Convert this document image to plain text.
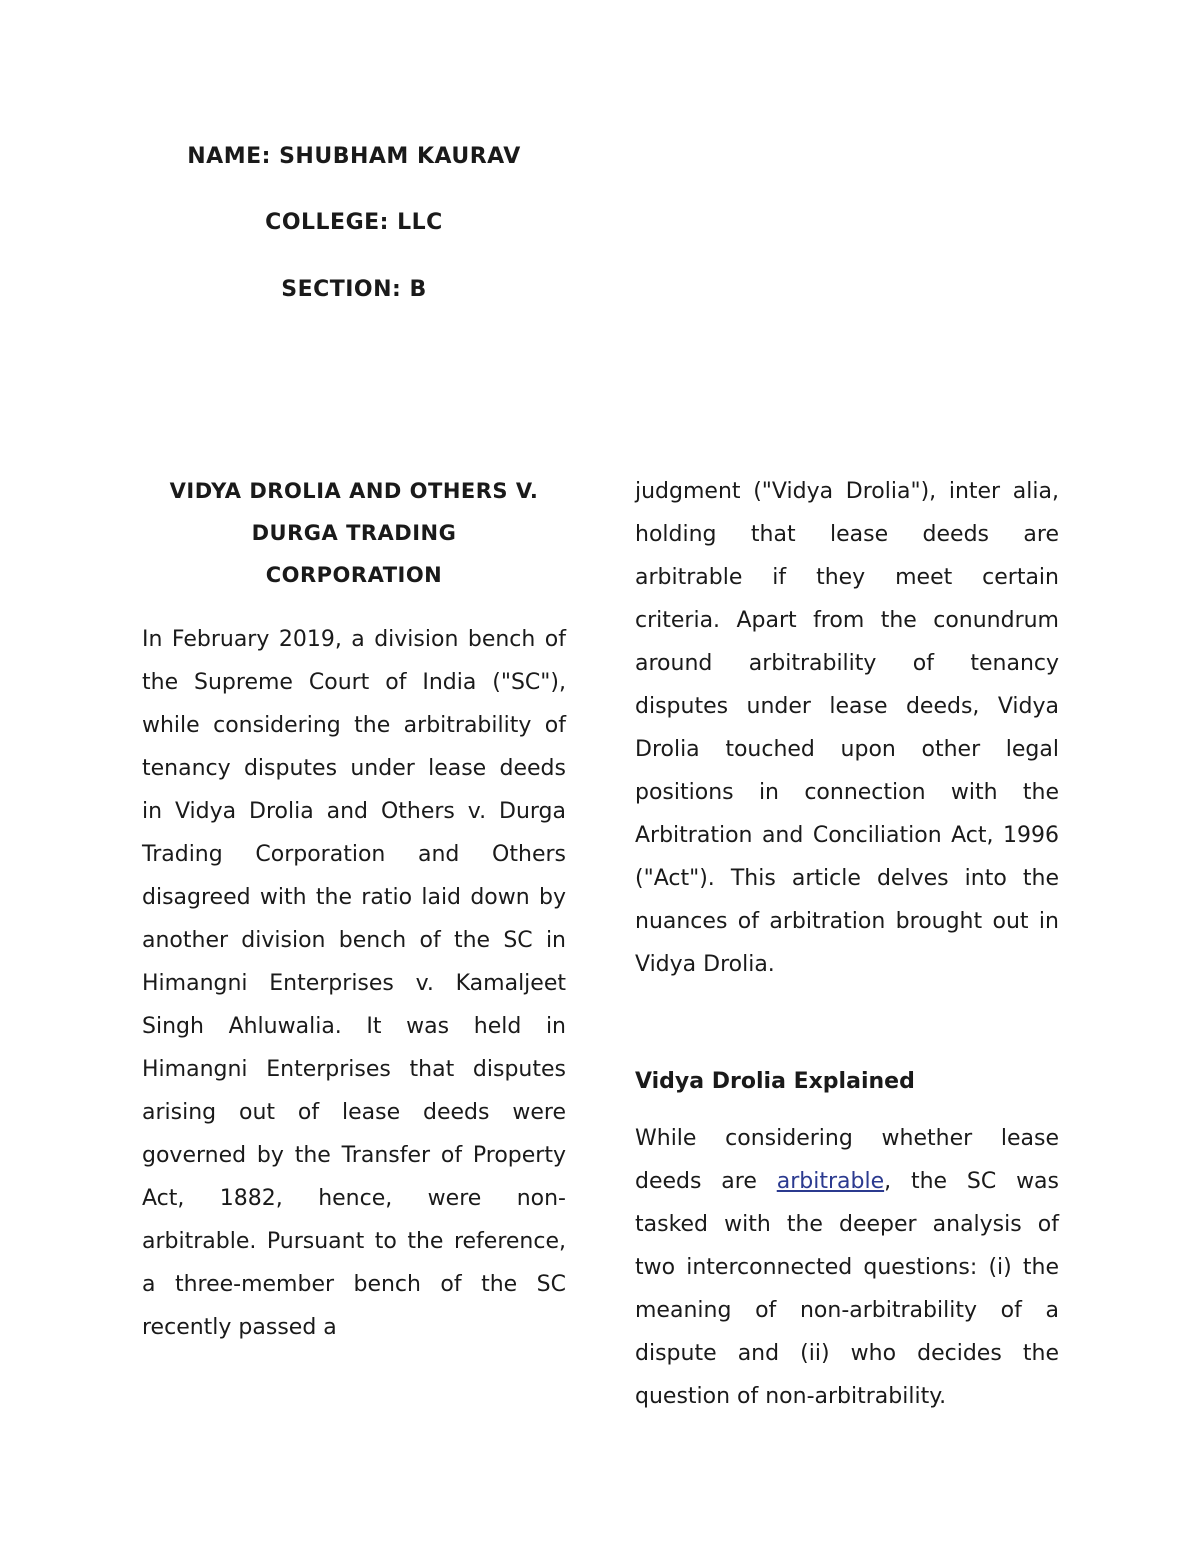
NAME: SHUBHAM KAURAV
COLLEGE: LLC
SECTION: B
VIDYA DROLIA AND OTHERS V.
DURGA TRADING
CORPORATION

In February 2019, a division bench of the Supreme Court of India ("SC"), while considering the arbitrability of tenancy disputes under lease deeds in Vidya Drolia and Others v. Durga Trading Corporation and Others disagreed with the ratio laid down by another division bench of the SC in Himangni Enterprises v. Kamaljeet Singh Ahluwalia. It was held in Himangni Enterprises that disputes arising out of lease deeds were governed by the Transfer of Property Act, 1882, hence, were non-arbitrable. Pursuant to the reference, a three-member bench of the SC recently passed a

judgment ("Vidya Drolia"), inter alia, holding that lease deeds are arbitrable if they meet certain criteria. Apart from the conundrum around arbitrability of tenancy disputes under lease deeds, Vidya Drolia touched upon other legal positions in connection with the Arbitration and Conciliation Act, 1996 ("Act"). This article delves into the nuances of arbitration brought out in Vidya Drolia.

Vidya Drolia Explained

While considering whether lease deeds are arbitrable, the SC was tasked with the deeper analysis of two interconnected questions: (i) the meaning of non-arbitrability of a dispute and (ii) who decides the question of non-arbitrability.
